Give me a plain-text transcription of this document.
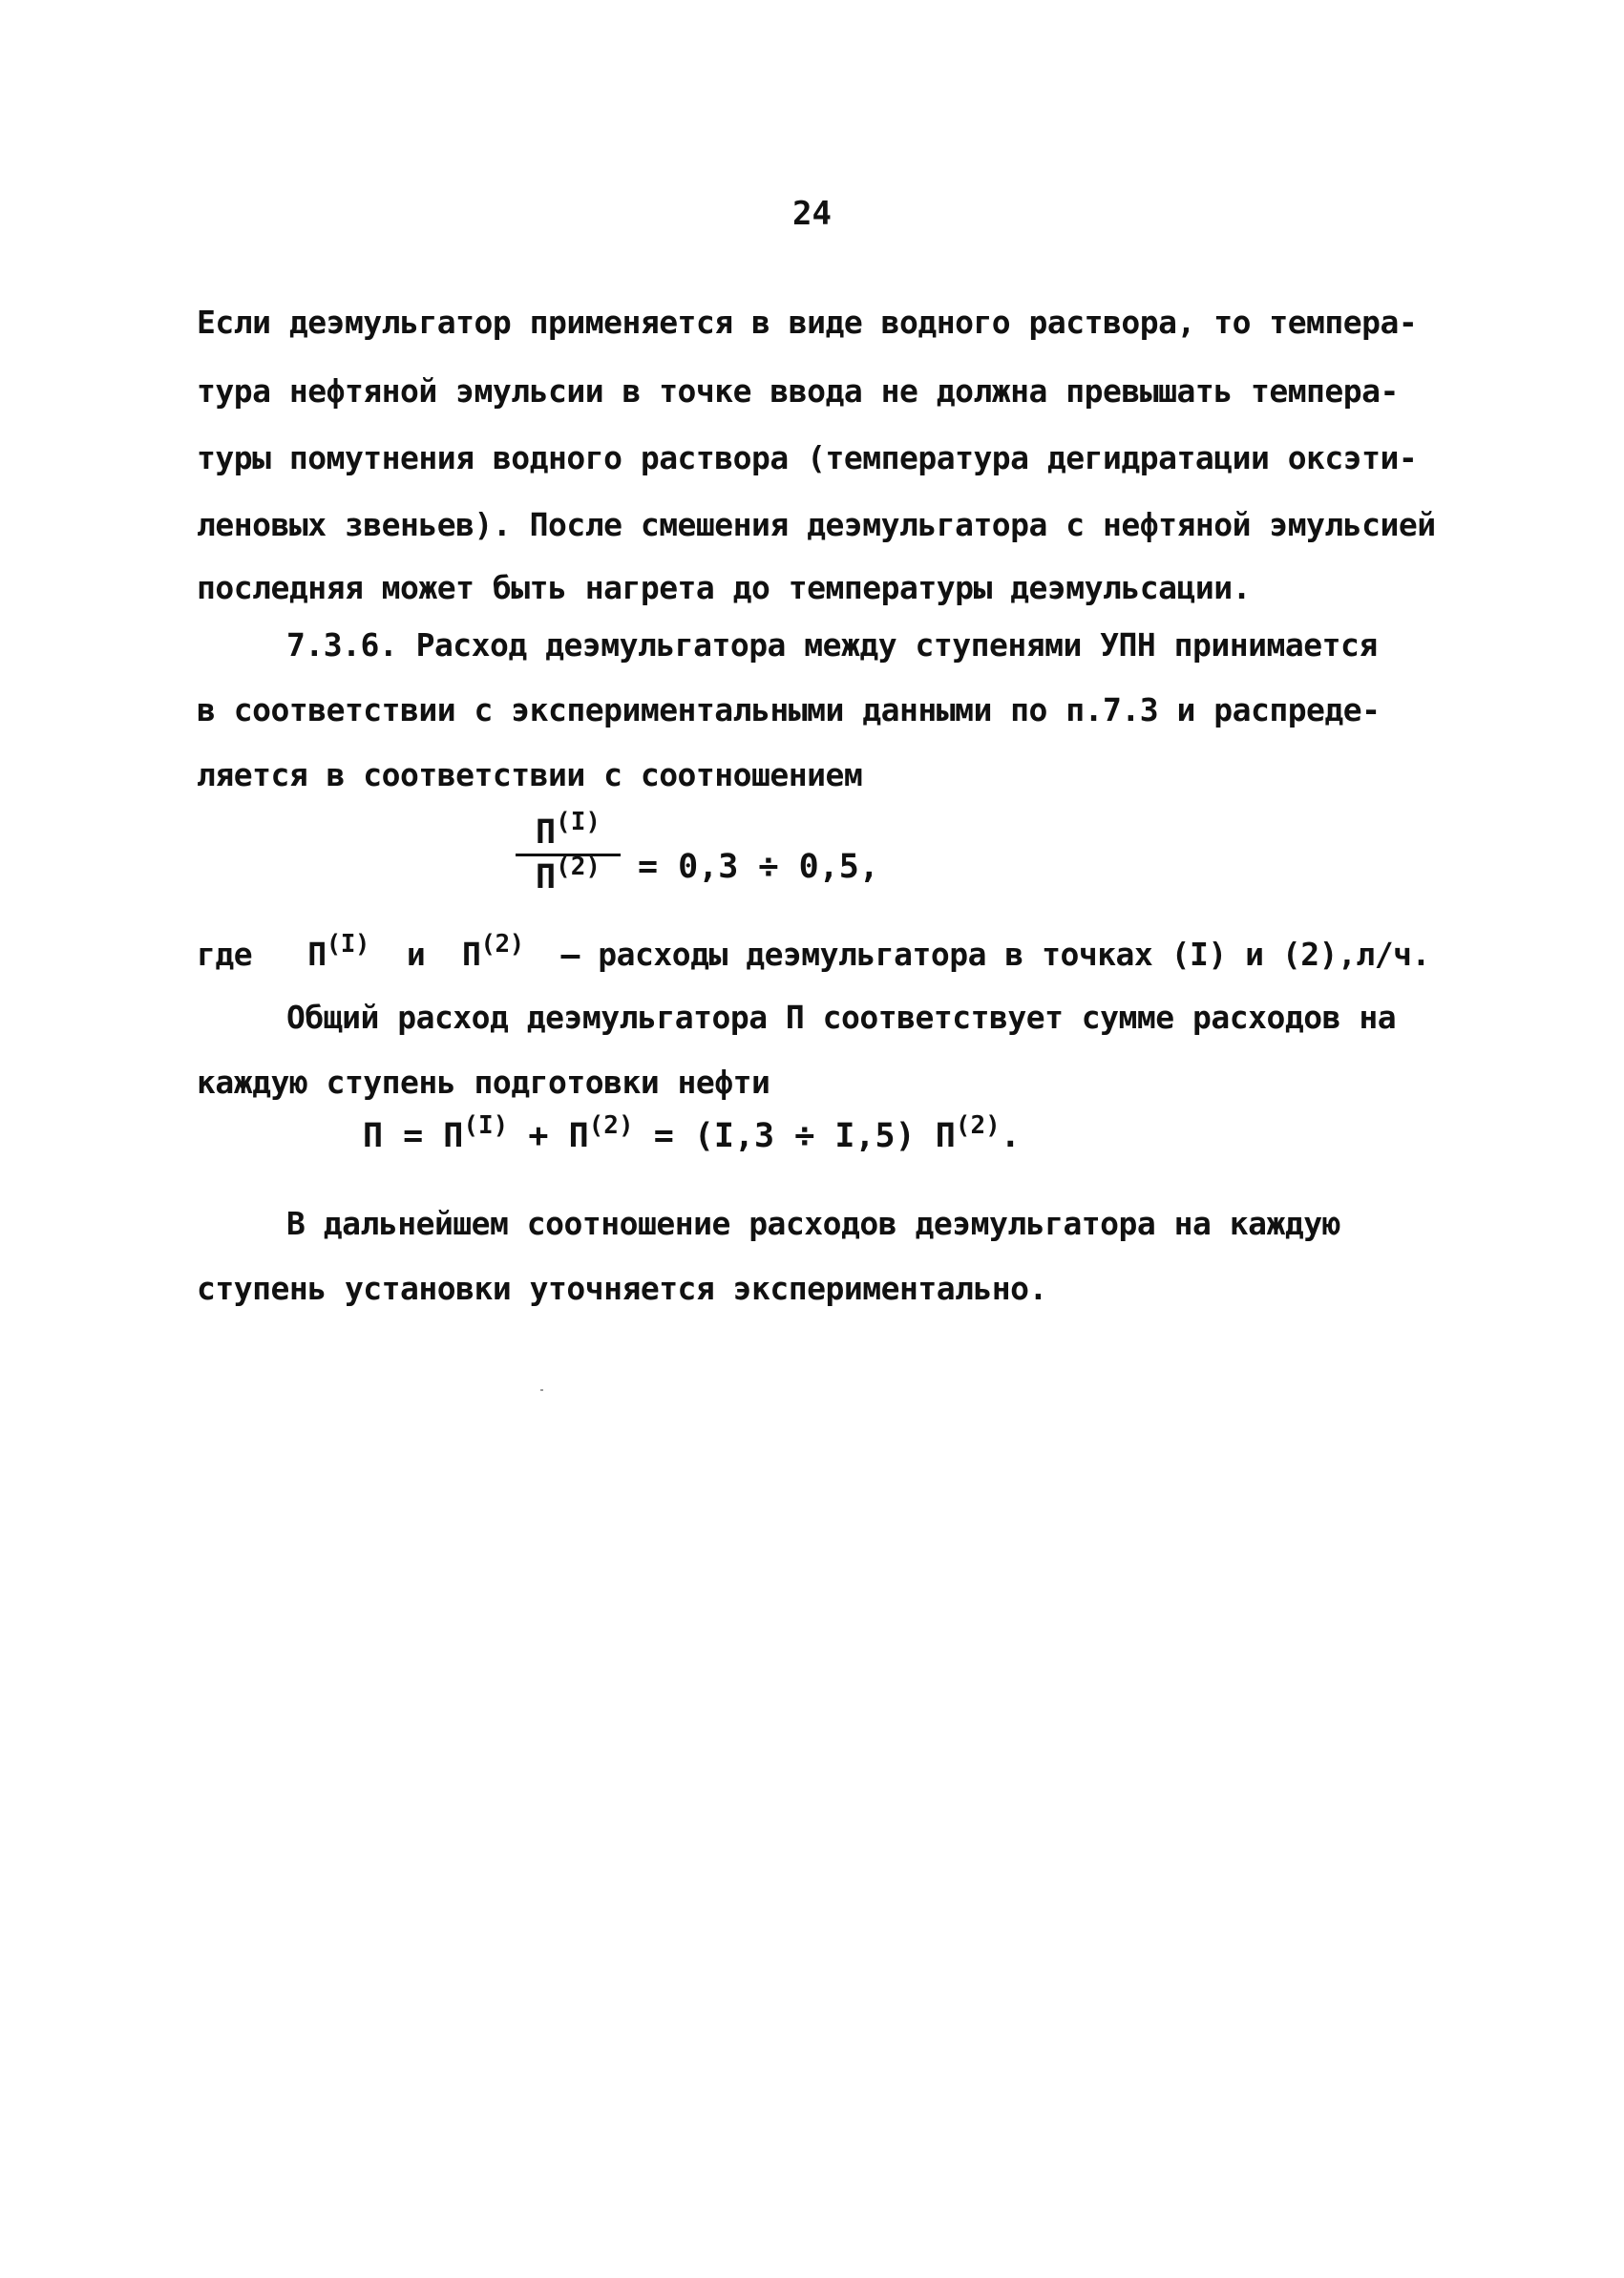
24
Если деэмульгатор применяется в виде водного раствора, то темпера-
тура нефтяной эмульсии в точке ввода не должна превышать темпера-
туры помутнения водного раствора (температура дегидратации оксэти-
леновых звеньев). После смешения деэмульгатора с нефтяной эмульсией
последняя может быть нагрета до температуры деэмульсации.
7.3.6. Расход деэмульгатора между ступенями УПН принимается
в соответствии с экспериментальными данными по п.7.3 и распреде-
ляется в соответствии с соотношением
$П^{(I)}$
$П^{(2)}$	= 0,3 ÷ 0,5,
где $П^{(I)}$ и $П^{(2)}$ – расходы деэмульгатора в точках (I) и (2),л/ч.
Общий расход деэмульгатора П соответствует сумме расходов на
каждую ступень подготовки нефти
$П = П^{(I)} + П^{(2)} = (I,3 \div I,5)$ $П^{(2)}$.
В дальнейшем соотношение расходов деэмульгатора на каждую
ступень установки уточняется экспериментально.
